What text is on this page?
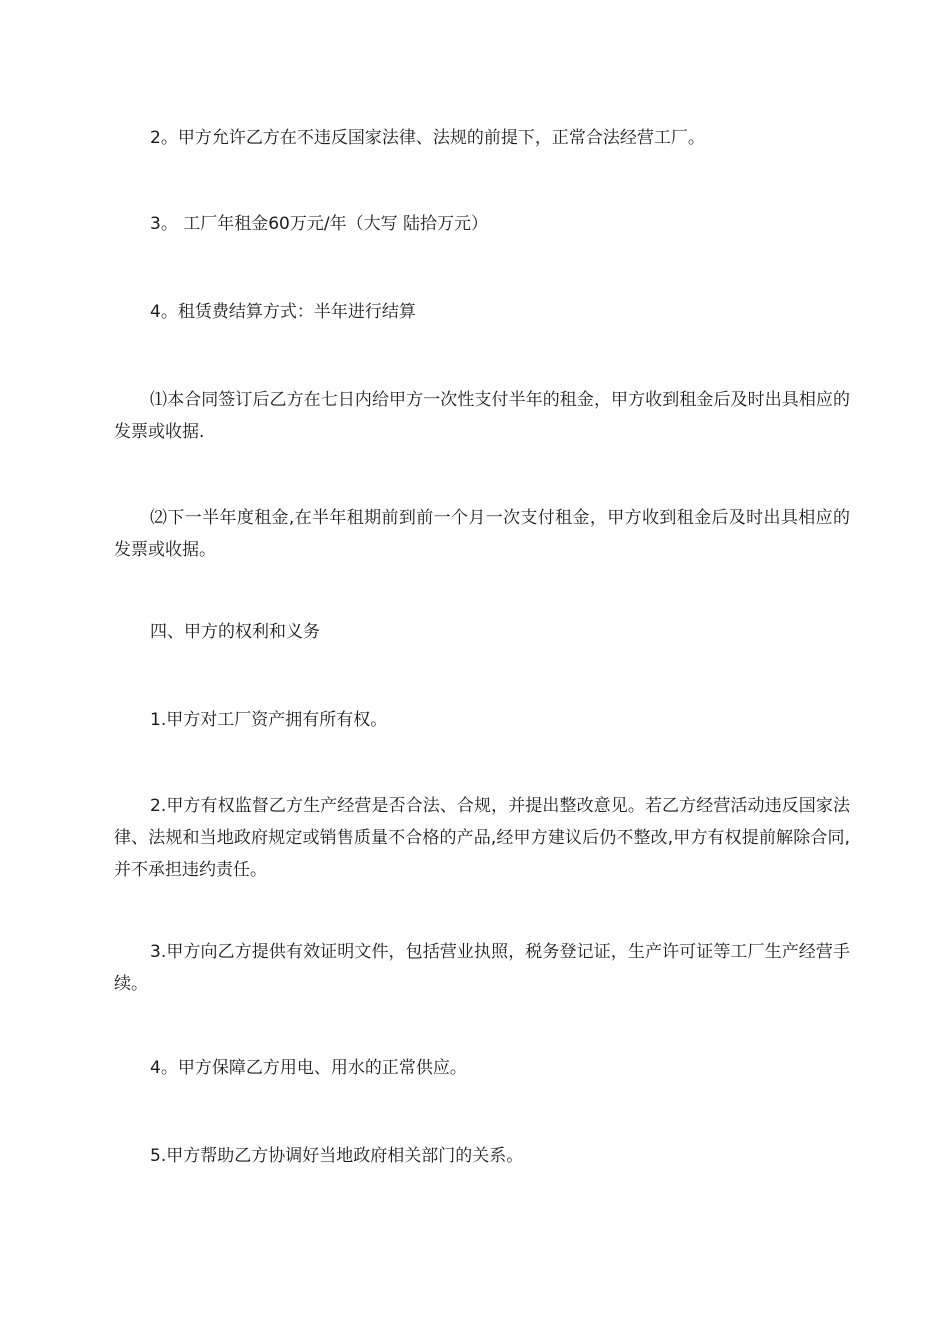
2。甲方允许乙方在不违反国家法律、法规的前提下，正常合法经营工厂。

3。 工厂年租金60万元/年（大写 陆拾万元）

4。租赁费结算方式：半年进行结算

⑴本合同签订后乙方在七日内给甲方一次性支付半年的租金，甲方收到租金后及时出具相应的发票或收据.

⑵下一半年度租金,在半年租期前到前一个月一次支付租金，甲方收到租金后及时出具相应的发票或收据。

四、甲方的权利和义务

1.甲方对工厂资产拥有所有权。

2.甲方有权监督乙方生产经营是否合法、合规，并提出整改意见。若乙方经营活动违反国家法律、法规和当地政府规定或销售质量不合格的产品,经甲方建议后仍不整改,甲方有权提前解除合同,并不承担违约责任。

3.甲方向乙方提供有效证明文件，包括营业执照，税务登记证，生产许可证等工厂生产经营手续。

4。甲方保障乙方用电、用水的正常供应。

5.甲方帮助乙方协调好当地政府相关部门的关系。
